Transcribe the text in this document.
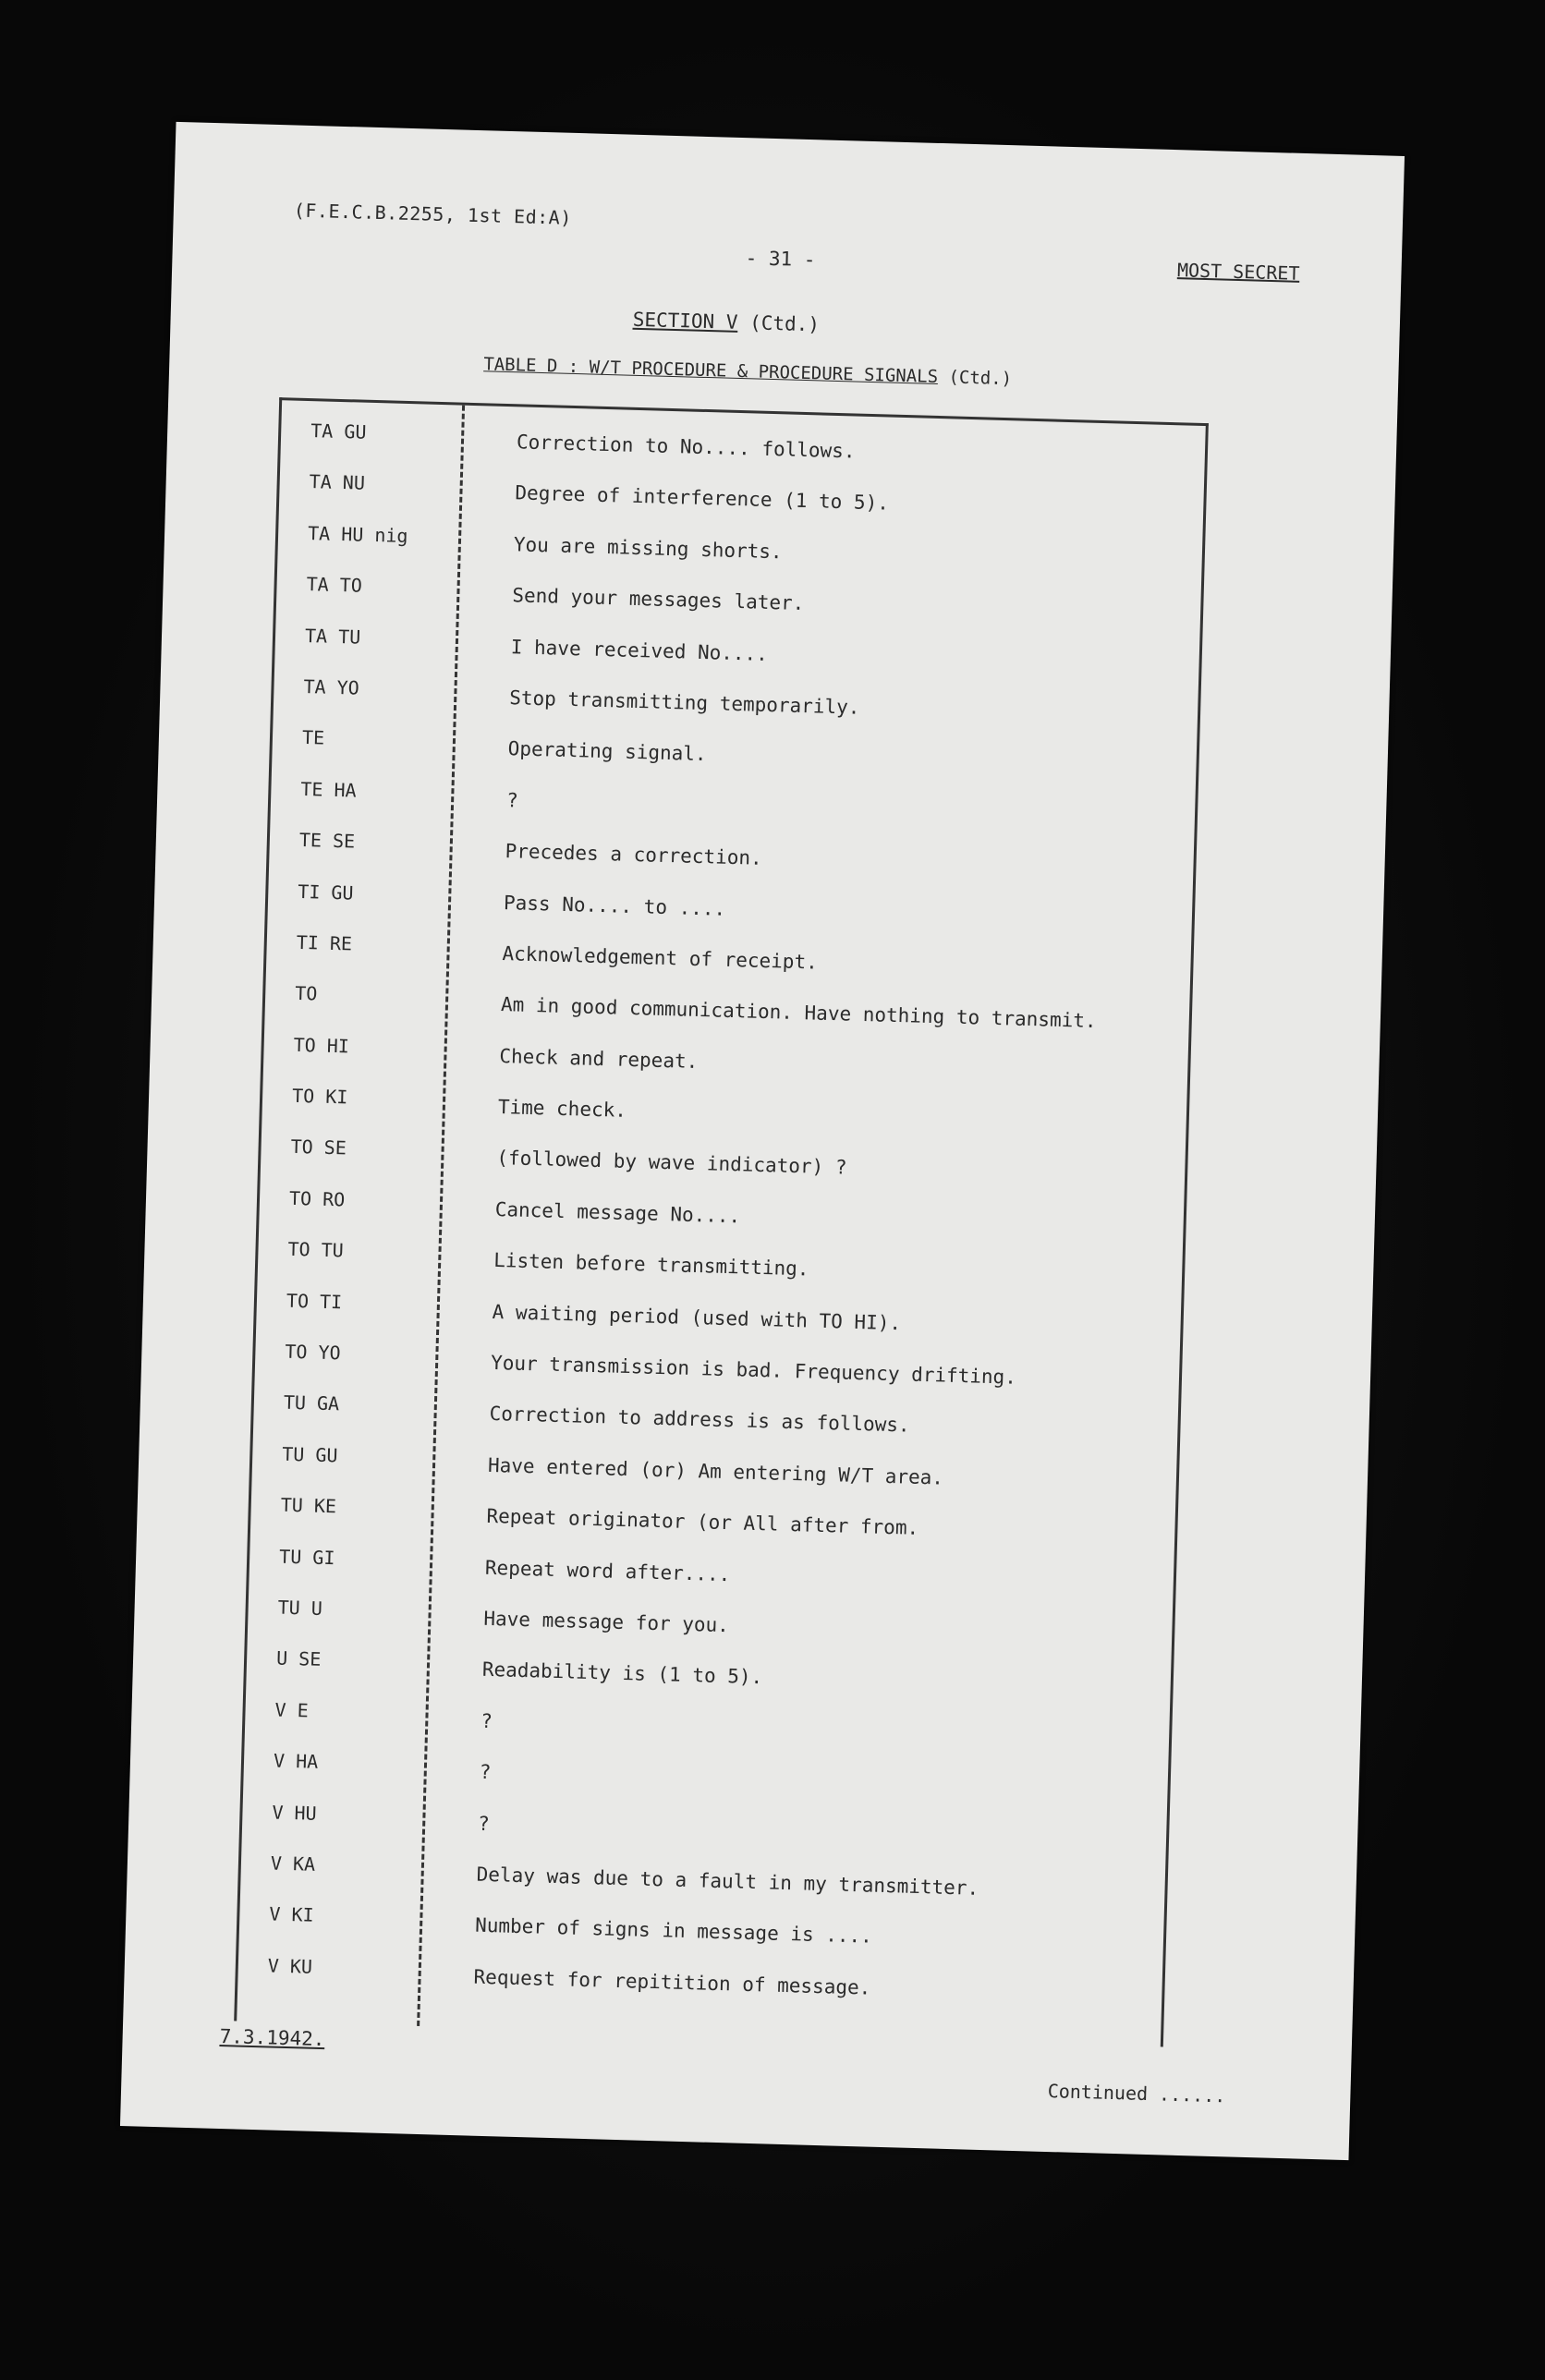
(F.E.C.B.2255, 1st Ed:A)
- 31 -
MOST SECRET
SECTION V (Ctd.)
TABLE D : W/T PROCEDURE & PROCEDURE SIGNALS (Ctd.)
TA GU	Correction to No.... follows.
TA NU	Degree of interference (1 to 5).
TA HU nig	You are missing shorts.
TA TO	Send your messages later.
TA TU	I have received No....
TA YO	Stop transmitting temporarily.
TE	Operating signal.
TE HA	?
TE SE	Precedes a correction.
TI GU	Pass No.... to ....
TI RE	Acknowledgement of receipt.
TO	Am in good communication. Have nothing to transmit.
TO HI	Check and repeat.
TO KI	Time check.
TO SE	(followed by wave indicator) ?
TO RO	Cancel message No....
TO TU	Listen before transmitting.
TO TI	A waiting period (used with TO HI).
TO YO	Your transmission is bad. Frequency drifting.
TU GA	Correction to address is as follows.
TU GU	Have entered (or) Am entering W/T area.
TU KE	Repeat originator (or All after from.
TU GI	Repeat word after....
TU U	Have message for you.
U SE	Readability is (1 to 5).
V E	?
V HA	?
V HU	?
V KA	Delay was due to a fault in my transmitter.
V KI	Number of signs in message is ....
V KU	Request for repitition of message.
7.3.1942.
Continued ......
